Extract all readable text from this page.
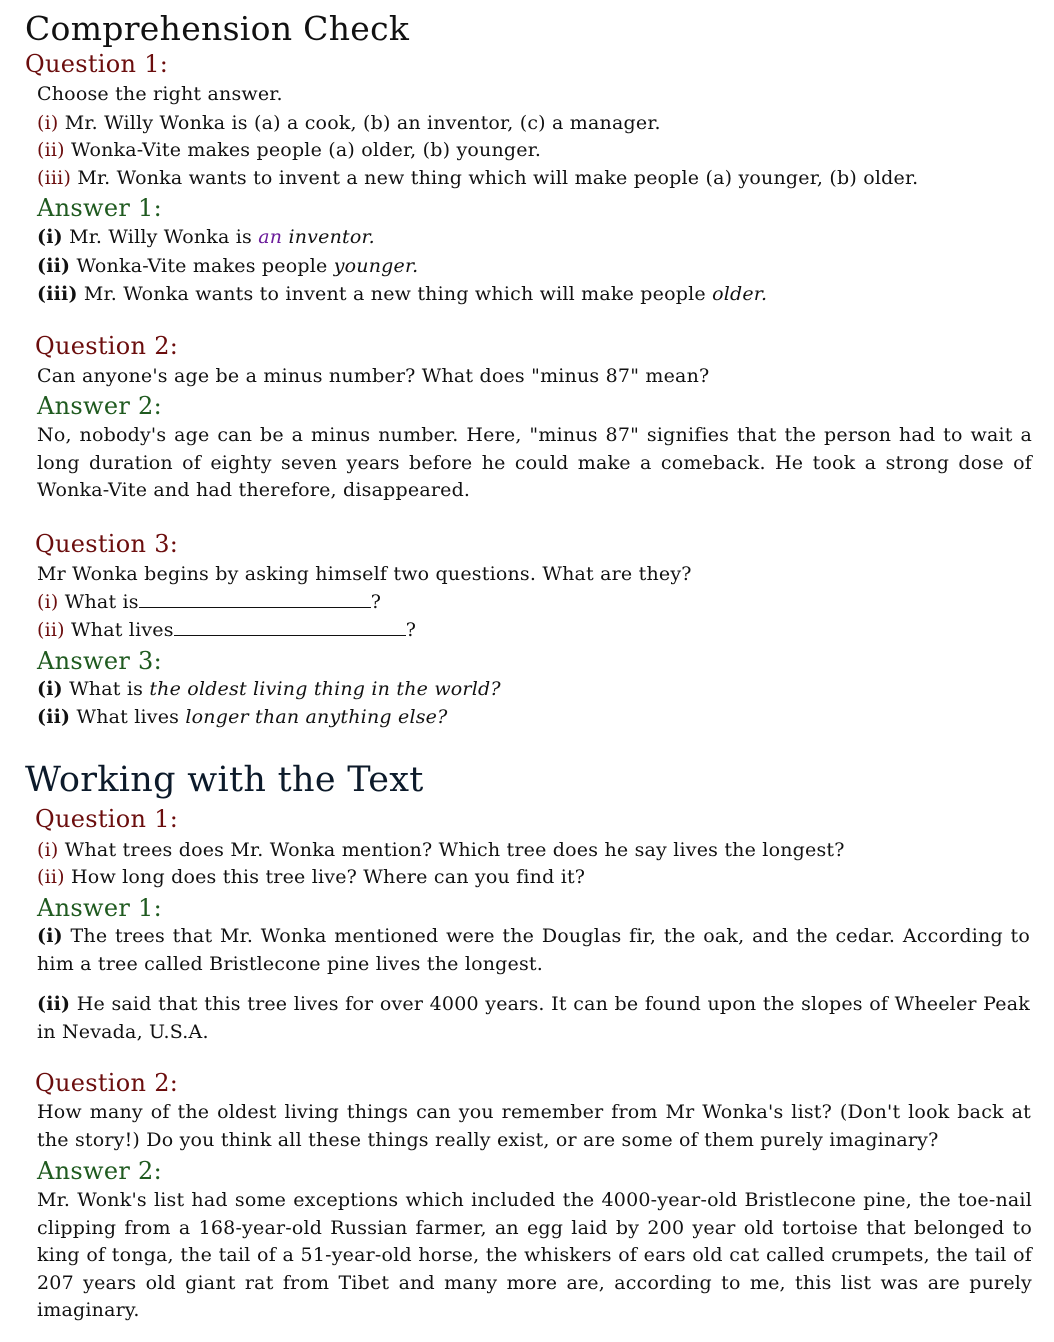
Comprehension Check
Question 1:
Choose the right answer.
(i) Mr. Willy Wonka is (a) a cook, (b) an inventor, (c) a manager.
(ii) Wonka-Vite makes people (a) older, (b) younger.
(iii) Mr. Wonka wants to invent a new thing which will make people (a) younger, (b) older.
Answer 1:
(i) Mr. Willy Wonka is an inventor.
(ii) Wonka-Vite makes people younger.
(iii) Mr. Wonka wants to invent a new thing which will make people older.
Question 2:
Can anyone's age be a minus number? What does "minus 87" mean?
Answer 2:
No, nobody's age can be a minus number. Here, "minus 87" signifies that the person had to wait a long duration of eighty seven years before he could make a comeback. He took a strong dose of Wonka-Vite and had therefore, disappeared.
Question 3:
Mr Wonka begins by asking himself two questions. What are they?
(i) What is	?
(ii) What lives	?
Answer 3:
(i) What is the oldest living thing in the world?
(ii) What lives longer than anything else?
Working with the Text
Question 1:
(i) What trees does Mr. Wonka mention? Which tree does he say lives the longest?
(ii) How long does this tree live? Where can you find it?
Answer 1:
(i) The trees that Mr. Wonka mentioned were the Douglas fir, the oak, and the cedar. According to him a tree called Bristlecone pine lives the longest.
(ii) He said that this tree lives for over 4000 years. It can be found upon the slopes of Wheeler Peak in Nevada, U.S.A.
Question 2:
How many of the oldest living things can you remember from Mr Wonka's list? (Don't look back at the story!) Do you think all these things really exist, or are some of them purely imaginary?
Answer 2:
Mr. Wonk's list had some exceptions which included the 4000-year-old Bristlecone pine, the toe-nail clipping from a 168-year-old Russian farmer, an egg laid by 200 year old tortoise that belonged to king of tonga, the tail of a 51-year-old horse, the whiskers of ears old cat called crumpets, the tail of 207 years old giant rat from Tibet and many more are, according to me, this list was are purely imaginary.
